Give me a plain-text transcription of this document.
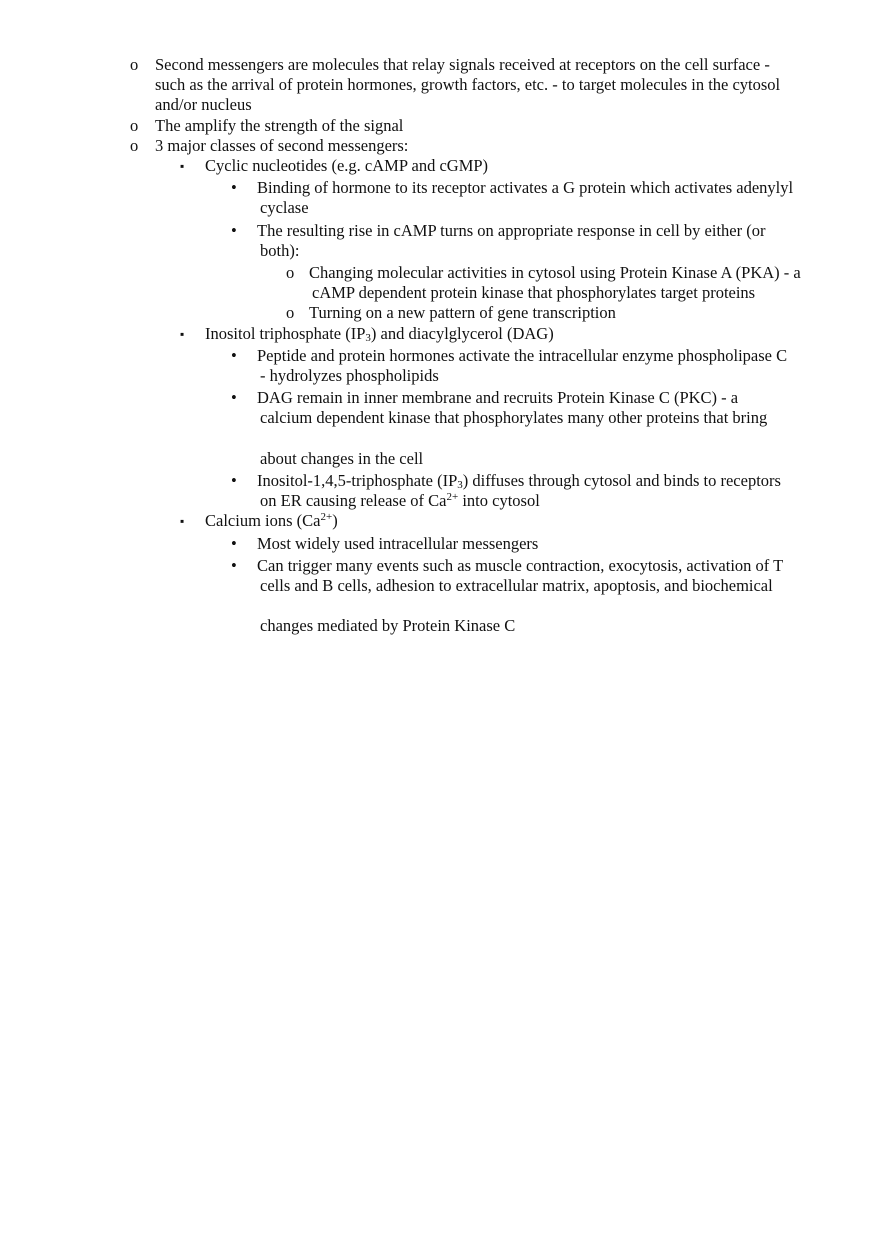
o Second messengers are molecules that relay signals received at receptors on the cell surface -
such as the arrival of protein hormones, growth factors, etc. - to target molecules in the cytosol
and/or nucleus
o The amplify the strength of the signal
o 3 major classes of second messengers:
▪ Cyclic nucleotides (e.g. cAMP and cGMP)
• Binding of hormone to its receptor activates a G protein which activates adenylyl

cyclase
• The resulting rise in cAMP turns on appropriate response in cell by either (or

both):
o Changing molecular activities in cytosol using Protein Kinase A (PKA) - a

cAMP dependent protein kinase that phosphorylates target proteins
o Turning on a new pattern of gene transcription
▪ Inositol triphosphate $(IP_3)$ and diacylglycerol (DAG)
• Peptide and protein hormones activate the intracellular enzyme phospholipase C

- hydrolyzes phospholipids
• DAG remain in inner membrane and recruits Protein Kinase C (PKC) - a

calcium dependent kinase that phosphorylates many other proteins that bring

about changes in the cell
• Inositol-1,4,5-triphosphate $(IP_3)$ diffuses through cytosol and binds to receptors

on ER causing release of $Ca^{2+}$ into cytosol
▪ Calcium ions $(Ca^{2+})$
• Most widely used intracellular messengers
• Can trigger many events such as muscle contraction, exocytosis, activation of T

cells and B cells, adhesion to extracellular matrix, apoptosis, and biochemical

changes mediated by Protein Kinase C
